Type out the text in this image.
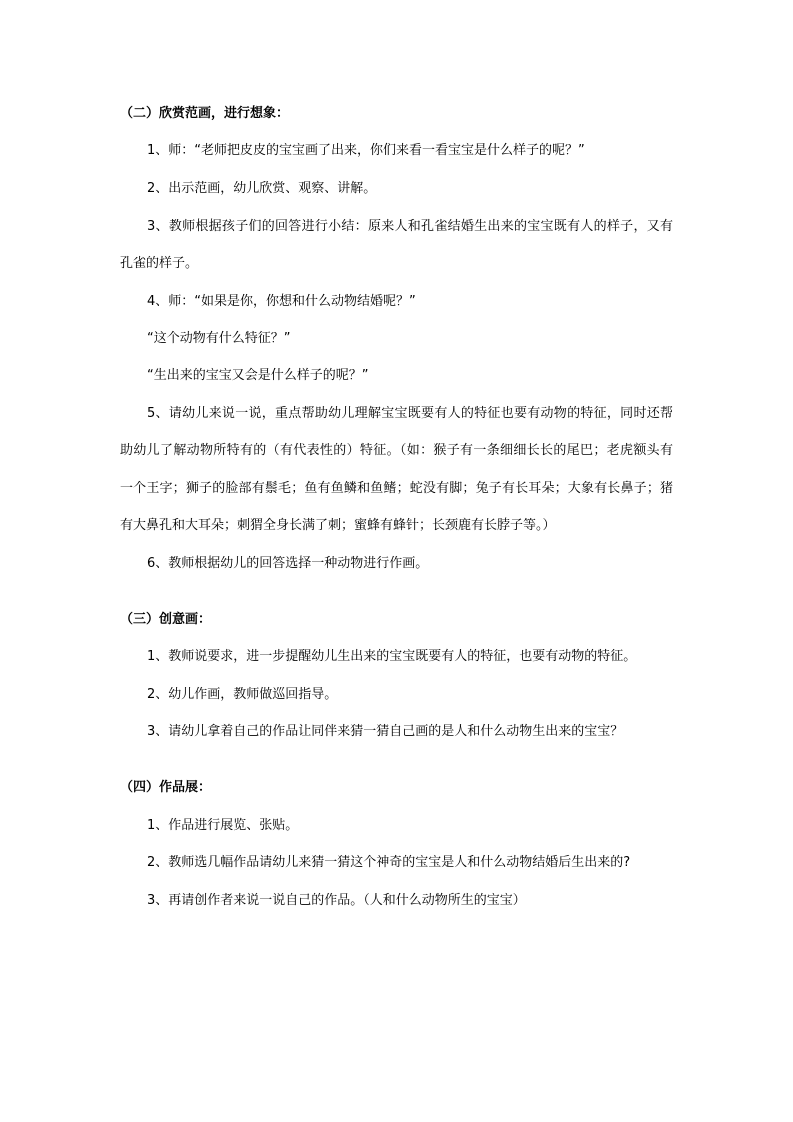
（二）欣赏范画，进行想象：
1、师：“老师把皮皮的宝宝画了出来，你们来看一看宝宝是什么样子的呢？”
2、出示范画，幼儿欣赏、观察、讲解。
3、教师根据孩子们的回答进行小结：原来人和孔雀结婚生出来的宝宝既有人的样子，又有
孔雀的样子。
4、师：“如果是你，你想和什么动物结婚呢？”
“这个动物有什么特征？”
“生出来的宝宝又会是什么样子的呢？”
5、请幼儿来说一说，重点帮助幼儿理解宝宝既要有人的特征也要有动物的特征，同时还帮
助幼儿了解动物所特有的（有代表性的）特征。（如：猴子有一条细细长长的尾巴；老虎额头有
一个王字；狮子的脸部有鬃毛；鱼有鱼鳞和鱼鳍；蛇没有脚；兔子有长耳朵；大象有长鼻子；猪
有大鼻孔和大耳朵；刺猬全身长满了刺；蜜蜂有蜂针；长颈鹿有长脖子等。）
6、教师根据幼儿的回答选择一种动物进行作画。
（三）创意画：
1、教师说要求，进一步提醒幼儿生出来的宝宝既要有人的特征，也要有动物的特征。
2、幼儿作画，教师做巡回指导。
3、请幼儿拿着自己的作品让同伴来猜一猜自己画的是人和什么动物生出来的宝宝？
（四）作品展：
1、作品进行展览、张贴。
2、教师选几幅作品请幼儿来猜一猜这个神奇的宝宝是人和什么动物结婚后生出来的?
3、再请创作者来说一说自己的作品。（人和什么动物所生的宝宝）
